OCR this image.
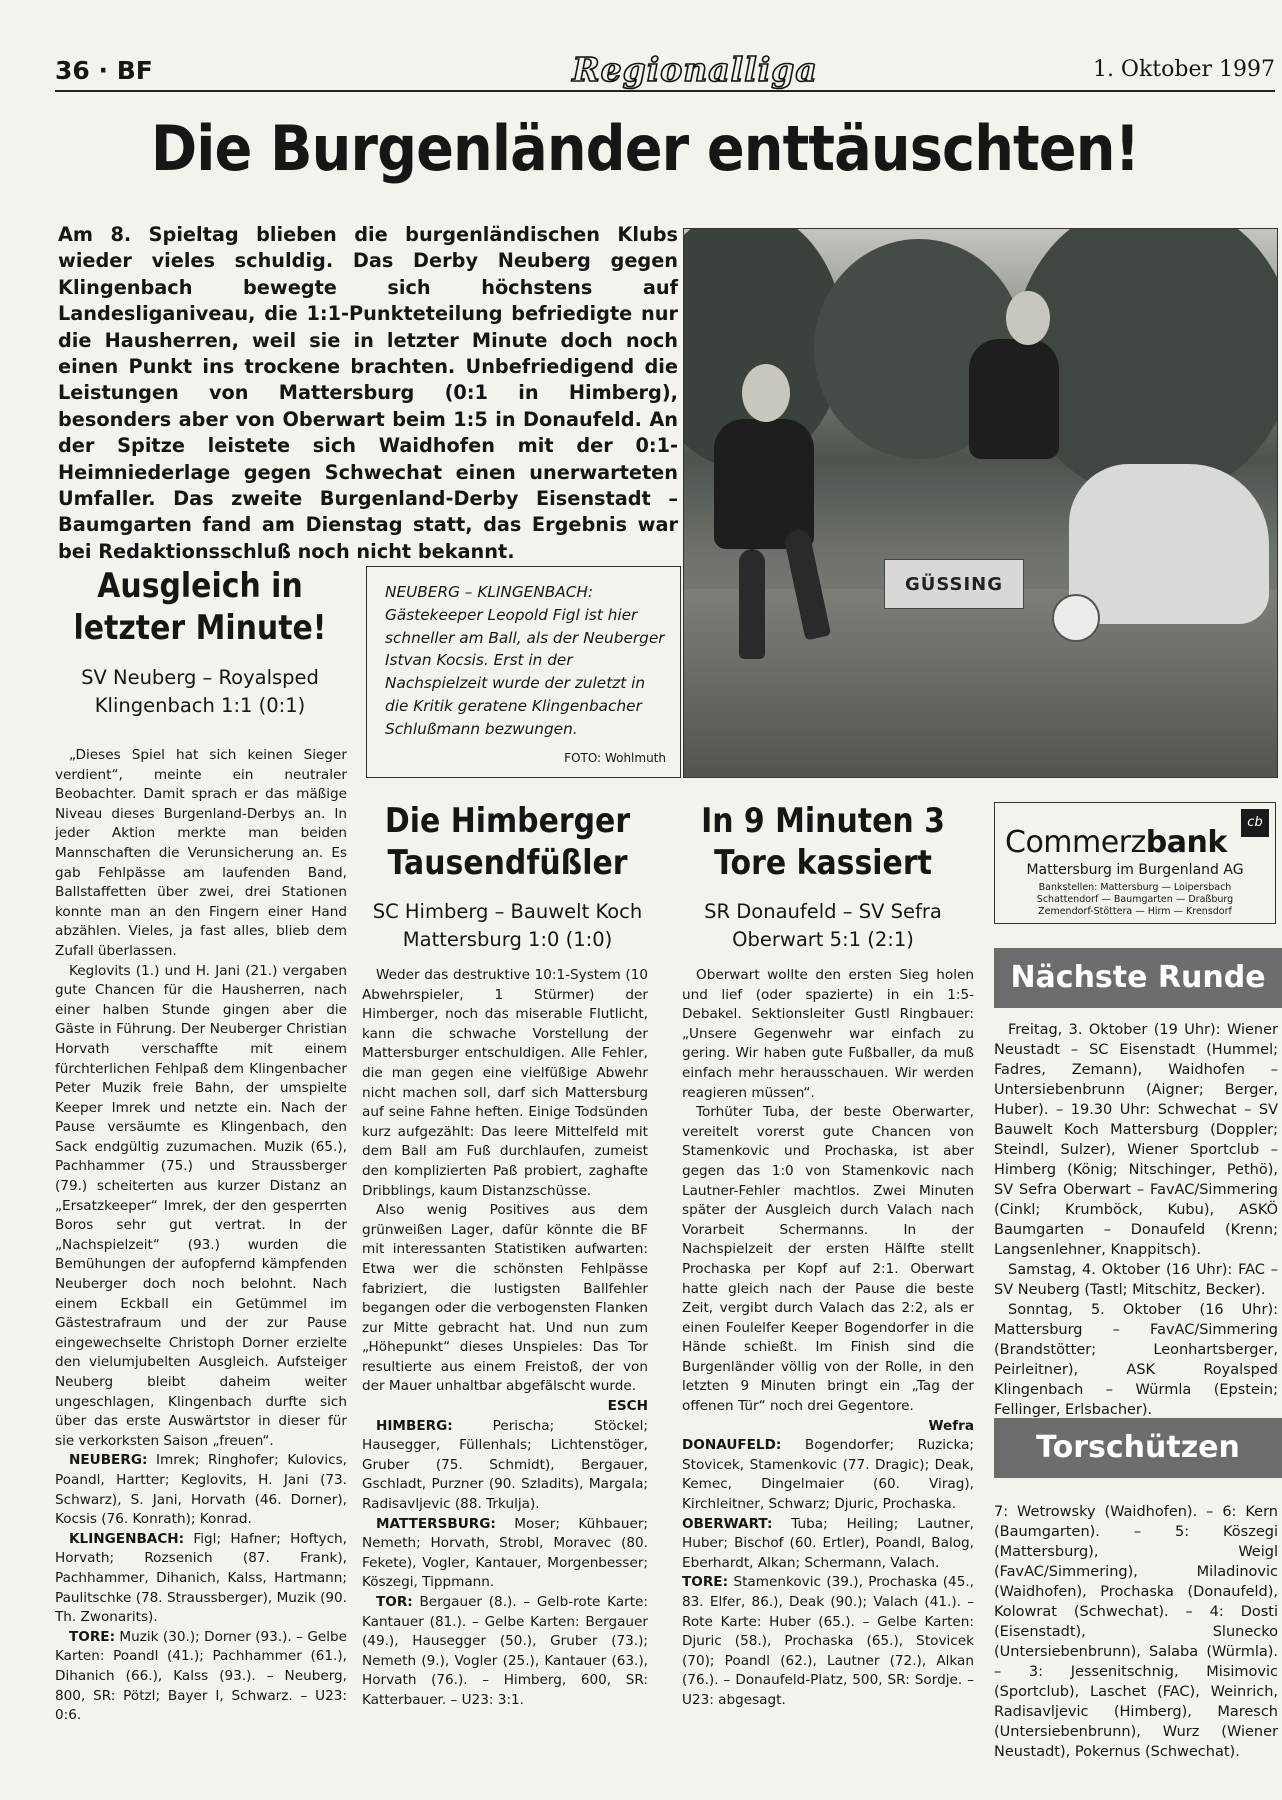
36 · BF	Regionalliga	1. Oktober 1997
Die Burgenländer enttäuschten!
Am 8. Spieltag blieben die burgenländischen Klubs wieder vieles schuldig. Das Derby Neuberg gegen Klingenbach bewegte sich höchstens auf Landesliganiveau, die 1:1-Punkteteilung befriedigte nur die Hausherren, weil sie in letzter Minute doch noch einen Punkt ins trockene brachten. Unbefriedigend die Leistungen von Mattersburg (0:1 in Himberg), besonders aber von Oberwart beim 1:5 in Donaufeld. An der Spitze leistete sich Waidhofen mit der 0:1-Heimniederlage gegen Schwechat einen unerwarteten Umfaller. Das zweite Burgenland-Derby Eisenstadt – Baumgarten fand am Dienstag statt, das Ergebnis war bei Redaktionsschluß noch nicht bekannt.
GÜSSING
NEUBERG – KLINGENBACH: Gästekeeper Leopold Figl ist hier schneller am Ball, als der Neuberger Istvan Kocsis. Erst in der Nachspielzeit wurde der zuletzt in die Kritik geratene Klingenbacher Schlußmann bezwungen.
FOTO: Wohlmuth
Ausgleich in letzter Minute!
SV Neuberg – Royalsped Klingenbach 1:1 (0:1)

„Dieses Spiel hat sich keinen Sieger verdient“, meinte ein neutraler Beobachter. Damit sprach er das mäßige Niveau dieses Burgenland-Derbys an. In jeder Aktion merkte man beiden Mannschaften die Verunsicherung an. Es gab Fehlpässe am laufenden Band, Ballstaffetten über zwei, drei Stationen konnte man an den Fingern einer Hand abzählen. Vieles, ja fast alles, blieb dem Zufall überlassen.

Keglovits (1.) und H. Jani (21.) vergaben gute Chancen für die Hausherren, nach einer halben Stunde gingen aber die Gäste in Führung. Der Neuberger Christian Horvath verschaffte mit einem fürchterlichen Fehlpaß dem Klingenbacher Peter Muzik freie Bahn, der umspielte Keeper Imrek und netzte ein. Nach der Pause versäumte es Klingenbach, den Sack endgültig zuzumachen. Muzik (65.), Pachhammer (75.) und Straussberger (79.) scheiterten aus kurzer Distanz an „Ersatzkeeper“ Imrek, der den gesperrten Boros sehr gut vertrat. In der „Nachspielzeit“ (93.) wurden die Bemühungen der aufopfernd kämpfenden Neuberger doch noch belohnt. Nach einem Eckball ein Getümmel im Gästestrafraum und der zur Pause eingewechselte Christoph Dorner erzielte den vielumjubelten Ausgleich. Aufsteiger Neuberg bleibt daheim weiter ungeschlagen, Klingenbach durfte sich über das erste Auswärtstor in dieser für sie verkorksten Saison „freuen“.

NEUBERG: Imrek; Ringhofer; Kulovics, Poandl, Hartter; Keglovits, H. Jani (73. Schwarz), S. Jani, Horvath (46. Dorner), Kocsis (76. Konrath); Konrad.

KLINGENBACH: Figl; Hafner; Hoftych, Horvath; Rozsenich (87. Frank), Pachhammer, Dihanich, Kalss, Hartmann; Paulitschke (78. Straussberger), Muzik (90. Th. Zwonarits).

TORE: Muzik (30.); Dorner (93.). – Gelbe Karten: Poandl (41.); Pachhammer (61.), Dihanich (66.), Kalss (93.). – Neuberg, 800, SR: Pötzl; Bayer I, Schwarz. – U23: 0:6.

Die Himberger Tausendfüßler
SC Himberg – Bauwelt Koch Mattersburg 1:0 (1:0)

Weder das destruktive 10:1-System (10 Abwehrspieler, 1 Stürmer) der Himberger, noch das miserable Flutlicht, kann die schwache Vorstellung der Mattersburger entschuldigen. Alle Fehler, die man gegen eine vielfüßige Abwehr nicht machen soll, darf sich Mattersburg auf seine Fahne heften. Einige Todsünden kurz aufgezählt: Das leere Mittelfeld mit dem Ball am Fuß durchlaufen, zumeist den komplizierten Paß probiert, zaghafte Dribblings, kaum Distanzschüsse.

Also wenig Positives aus dem grünweißen Lager, dafür könnte die BF mit interessanten Statistiken aufwarten: Etwa wer die schönsten Fehlpässe fabriziert, die lustigsten Ballfehler begangen oder die verbogensten Flanken zur Mitte gebracht hat. Und nun zum „Höhepunkt“ dieses Unspieles: Das Tor resultierte aus einem Freistoß, der von der Mauer unhaltbar abgefälscht wurde.

ESCH

HIMBERG: Perischa; Stöckel; Hausegger, Füllenhals; Lichtenstöger, Gruber (75. Schmidt), Bergauer, Gschladt, Purzner (90. Szladits), Margala; Radisavljevic (88. Trkulja).

MATTERSBURG: Moser; Kühbauer; Nemeth; Horvath, Strobl, Moravec (80. Fekete), Vogler, Kantauer, Morgenbesser; Köszegi, Tippmann.

TOR: Bergauer (8.). – Gelb-rote Karte: Kantauer (81.). – Gelbe Karten: Bergauer (49.), Hausegger (50.), Gruber (73.); Nemeth (9.), Vogler (25.), Kantauer (63.), Horvath (76.). – Himberg, 600, SR: Katterbauer. – U23: 3:1.

In 9 Minuten 3 Tore kassiert
SR Donaufeld – SV Sefra Oberwart 5:1 (2:1)

Oberwart wollte den ersten Sieg holen und lief (oder spazierte) in ein 1:5-Debakel. Sektionsleiter Gustl Ringbauer: „Unsere Gegenwehr war einfach zu gering. Wir haben gute Fußballer, da muß einfach mehr herausschauen. Wir werden reagieren müssen“.

Torhüter Tuba, der beste Oberwarter, vereitelt vorerst gute Chancen von Stamenkovic und Prochaska, ist aber gegen das 1:0 von Stamenkovic nach Lautner-Fehler machtlos. Zwei Minuten später der Ausgleich durch Valach nach Vorarbeit Schermanns. In der Nachspielzeit der ersten Hälfte stellt Prochaska per Kopf auf 2:1. Oberwart hatte gleich nach der Pause die beste Zeit, vergibt durch Valach das 2:2, als er einen Foulelfer Keeper Bogendorfer in die Hände schießt. Im Finish sind die Burgenländer völlig von der Rolle, in den letzten 9 Minuten bringt ein „Tag der offenen Tür“ noch drei Gegentore.

Wefra

DONAUFELD: Bogendorfer; Ruzicka; Stovicek, Stamenkovic (77. Dragic); Deak, Kemec, Dingelmaier (60. Virag), Kirchleitner, Schwarz; Djuric, Prochaska.

OBERWART: Tuba; Heiling; Lautner, Huber; Bischof (60. Ertler), Poandl, Balog, Eberhardt, Alkan; Schermann, Valach.

TORE: Stamenkovic (39.), Prochaska (45., 83. Elfer, 86.), Deak (90.); Valach (41.). – Rote Karte: Huber (65.). – Gelbe Karten: Djuric (58.), Prochaska (65.), Stovicek (70); Poandl (62.), Lautner (72.), Alkan (76.). – Donaufeld-Platz, 500, SR: Sordje. – U23: abgesagt.

cb
Commerzbank
Mattersburg im Burgenland AG
Bankstellen: Mattersburg — Loipersbach
Schattendorf — Baumgarten — Draßburg
Zemendorf-Stöttera — Hirm — Krensdorf
Nächste Runde

Freitag, 3. Oktober (19 Uhr): Wiener Neustadt – SC Eisenstadt (Hummel; Fadres, Zemann), Waidhofen – Untersiebenbrunn (Aigner; Berger, Huber). – 19.30 Uhr: Schwechat – SV Bauwelt Koch Mattersburg (Doppler; Steindl, Sulzer), Wiener Sportclub – Himberg (König; Nitschinger, Pethö), SV Sefra Oberwart – FavAC/Simmering (Cinkl; Krumböck, Kubu), ASKÖ Baumgarten – Donaufeld (Krenn; Langsenlehner, Knappitsch).

Samstag, 4. Oktober (16 Uhr): FAC – SV Neuberg (Tastl; Mitschitz, Becker).

Sonntag, 5. Oktober (16 Uhr): Mattersburg – FavAC/Simmering (Brandstötter; Leonhartsberger, Peirleitner), ASK Royalsped Klingenbach – Würmla (Epstein; Fellinger, Erlsbacher).

Torschützen
7: Wetrowsky (Waidhofen). – 6: Kern (Baumgarten). – 5: Köszegi (Mattersburg), Weigl (FavAC/Simmering), Miladinovic (Waidhofen), Prochaska (Donaufeld), Kolowrat (Schwechat). – 4: Dosti (Eisenstadt), Slunecko (Untersiebenbrunn), Salaba (Würmla). – 3: Jessenitschnig, Misimovic (Sportclub), Laschet (FAC), Weinrich, Radisavljevic (Himberg), Maresch (Untersiebenbrunn), Wurz (Wiener Neustadt), Pokernus (Schwechat).
